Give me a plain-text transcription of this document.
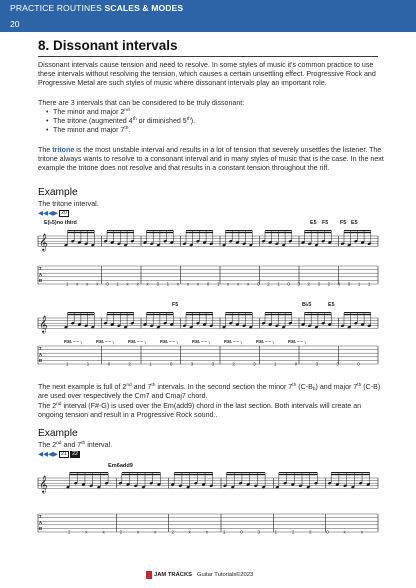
PRACTICE ROUTINES SCALES & MODES
20
8. Dissonant intervals
Dissonant intervals cause tension and need to resolve. In some styles of music it's common practice to use these intervals without resolving the tension, which causes a certain unsettling effect. Progressive Rock and Progressive Metal are such styles of music where dissonant intervals play an important role.
There are 3 intervals that can be considered to be truly dissonant:
• The minor and major 2nd
• The tritone (augmented 4th or diminished 5th).
• The minor and major 7th.
The tritone is the most unstable interval and results in a lot of tension that severely unsettles the listener. The tritone always wants to resolve to a consonant interval and in many styles of music that is the case. In the next example the tritone does not resolve and that results in a constant tension throughout the riff.
Example
The tritone interval.
◀◀◀▶ 20
The next example is full of 2nd and 7th intervals. In the second section the minor 7th $(C-B_b)$ and major 7th (C-B) are used over respectively the Cm7 and Cmaj7 chord.
The 2nd interval (F#-G) is used over the Em(add9) chord in the last section. Both intervals will create an ongoing tension and result in a Progressive Rock sound..
Example
The 2nd and 7th interval.
◀◀◀▶ 21 22
𝄞
T
A
B
E(♭5)no third	E5 F5 F5 E5
1 x x x 0 1 x x x 0 1 x x x 0 1 x x x 0 2 1 0 3 2 3 2 0 0 1 1
𝄞
T
A
B
F5	B♭5	E5
P.M. ‒ ‒ ┐	P.M. ‒ ‒ ┐	P.M. ‒ ‒ ┐	P.M. ‒ ‒ ┐	P.M. ‒ ‒ ┐	P.M. ‒ ‒ ┐	P.M. ‒ ‒ ┐	P.M. ‒ ‒ ┐
1	1	0	2	1	0	3	3	2	3	1	0	3	3	0
𝄞
T
A
B
Em6add9
2	x	x	2	x	x	2	x	x	1	0	3	1	2	2	0	x	x
JAM TRACKS Guitar Tutorials ©2023
